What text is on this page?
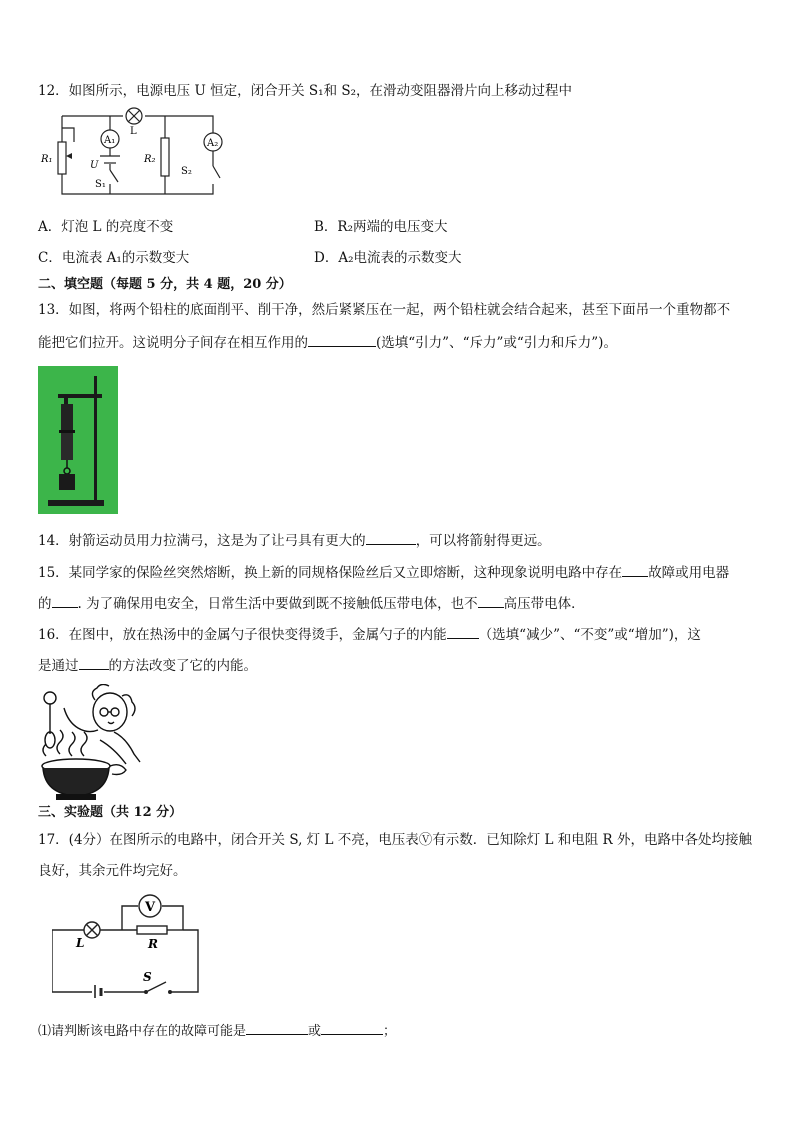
12．如图所示，电源电压 U 恒定，闭合开关 S₁和 S₂，在滑动变阻器滑片向上移动过程中
A₁	A₂
L
R₁	R₂
U
S₁
S₂
A．灯泡 L 的亮度不变	B．R₂两端的电压变大
C．电流表 A₁的示数变大	D．A₂电流表的示数变大
二、填空题（每题 5 分，共 4 题，20 分）
13．如图，将两个铅柱的底面削平、削干净，然后紧紧压在一起，两个铅柱就会结合起来，甚至下面吊一个重物都不
能把它们拉开。这说明分子间存在相互作用的	(选填“引力”、“斥力”或“引力和斥力”)。
14．射箭运动员用力拉满弓，这是为了让弓具有更大的	，可以将箭射得更远。
15．某同学家的保险丝突然熔断，换上新的同规格保险丝后又立即熔断，这种现象说明电路中存在 故障或用电器
的 . 为了确保用电安全，日常生活中要做到既不接触低压带电体，也不 高压带电体．
16．在图中，放在热汤中的金属勺子很快变得烫手，金属勺子的内能 （选填“减少”、“不变”或“增加”)，这
是通过 的方法改变了它的内能。
三、实验题（共 12 分）
17．(4分）在图所示的电路中，闭合开关 S, 灯 L 不亮，电压表Ⓥ有示数．已知除灯 L 和电阻 R 外，电路中各处均接触
良好，其余元件均完好。
V
L	R
S
⑴请判断该电路中存在的故障可能是	或	；
